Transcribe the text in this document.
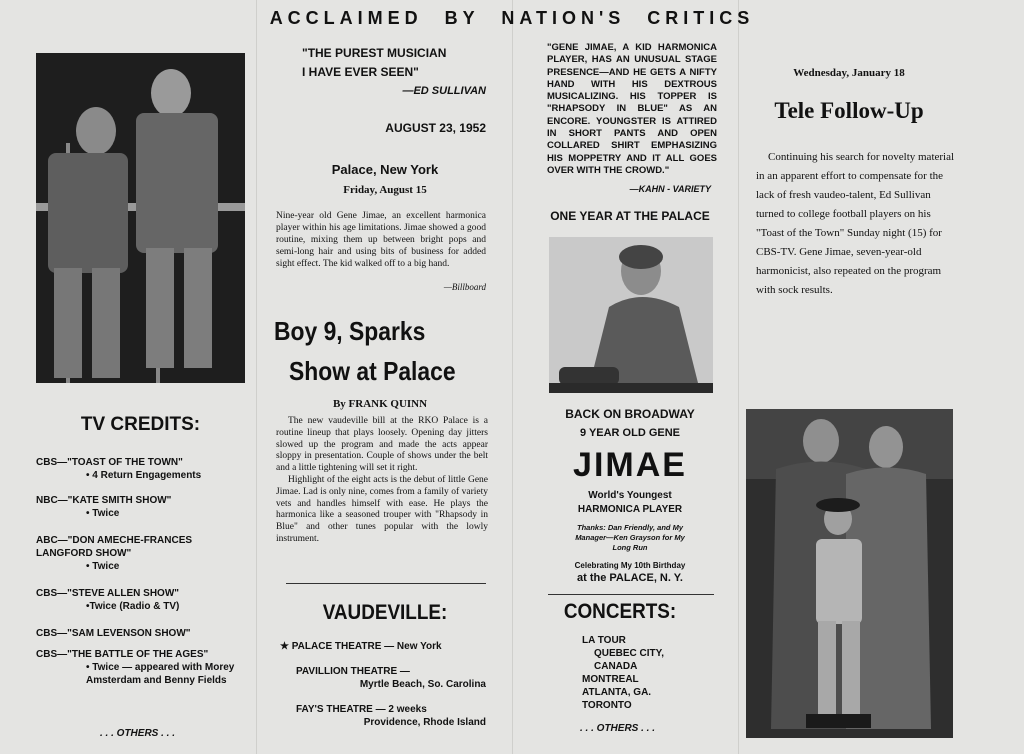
ACCLAIMED BY NATION'S CRITICS
TV CREDITS:
CBS—"TOAST OF THE TOWN"
• 4 Return Engagements
NBC—"KATE SMITH SHOW"
• Twice
ABC—"DON AMECHE-FRANCES LANGFORD SHOW"
• Twice
CBS—"STEVE ALLEN SHOW"
•Twice (Radio & TV)
CBS—"SAM LEVENSON SHOW"
CBS—"THE BATTLE OF THE AGES"
• Twice — appeared with Morey Amsterdam and Benny Fields
. . . OTHERS . . .
"THE PUREST MUSICIAN
I HAVE EVER SEEN"
—ED SULLIVAN
AUGUST 23, 1952
Palace, New York
Friday, August 15
Nine-year old Gene Jimae, an excellent harmonica player within his age limitations. Jimae showed a good routine, mixing them up between bright pops and semi-long hair and using bits of business for added sight effect. The kid walked off to a big hand.
—Billboard
Boy 9, Sparks
Show at Palace
By FRANK QUINN
The new vaudeville bill at the RKO Palace is a routine lineup that plays loosely. Opening day jitters slowed up the program and made the acts appear sloppy in presentation. Couple of shows under the belt and a little tightening will set it right.
Highlight of the eight acts is the debut of little Gene Jimae. Lad is only nine, comes from a family of variety vets and handles himself with ease. He plays the harmonica like a seasoned trouper with "Rhapsody in Blue" and other tunes popular with the lowly instrument.
VAUDEVILLE:
★ PALACE THEATRE — New York
PAVILLION THEATRE —
Myrtle Beach, So. Carolina
FAY'S THEATRE — 2 weeks
Providence, Rhode Island
"GENE JIMAE, A KID HARMONICA PLAYER, HAS AN UNUSUAL STAGE PRESENCE—AND HE GETS A NIFTY HAND WITH HIS DEXTROUS MUSICALIZING. HIS TOPPER IS "RHAPSODY IN BLUE" AS AN ENCORE. YOUNGSTER IS ATTIRED IN SHORT PANTS AND OPEN COLLARED SHIRT EMPHASIZING HIS MOPPETRY AND IT ALL GOES OVER WITH THE CROWD."
—KAHN - VARIETY
ONE YEAR AT THE PALACE
BACK ON BROADWAY
9 YEAR OLD GENE
JIMAE
World's Youngest
HARMONICA PLAYER
Thanks: Dan Friendly, and My Manager—Ken Grayson for My Long Run
Celebrating My 10th Birthday
at the PALACE, N. Y.
CONCERTS:
LA TOUR
QUEBEC CITY,
CANADA
MONTREAL
ATLANTA, GA.
TORONTO
. . . OTHERS . . .
Wednesday, January 18
Tele Follow-Up
Continuing his search for novelty material in an apparent effort to compensate for the lack of fresh vaudeo-talent, Ed Sullivan turned to college football players on his "Toast of the Town" Sunday night (15) for CBS-TV. Gene Jimae, seven-year-old harmonicist, also repeated on the program with sock results.
